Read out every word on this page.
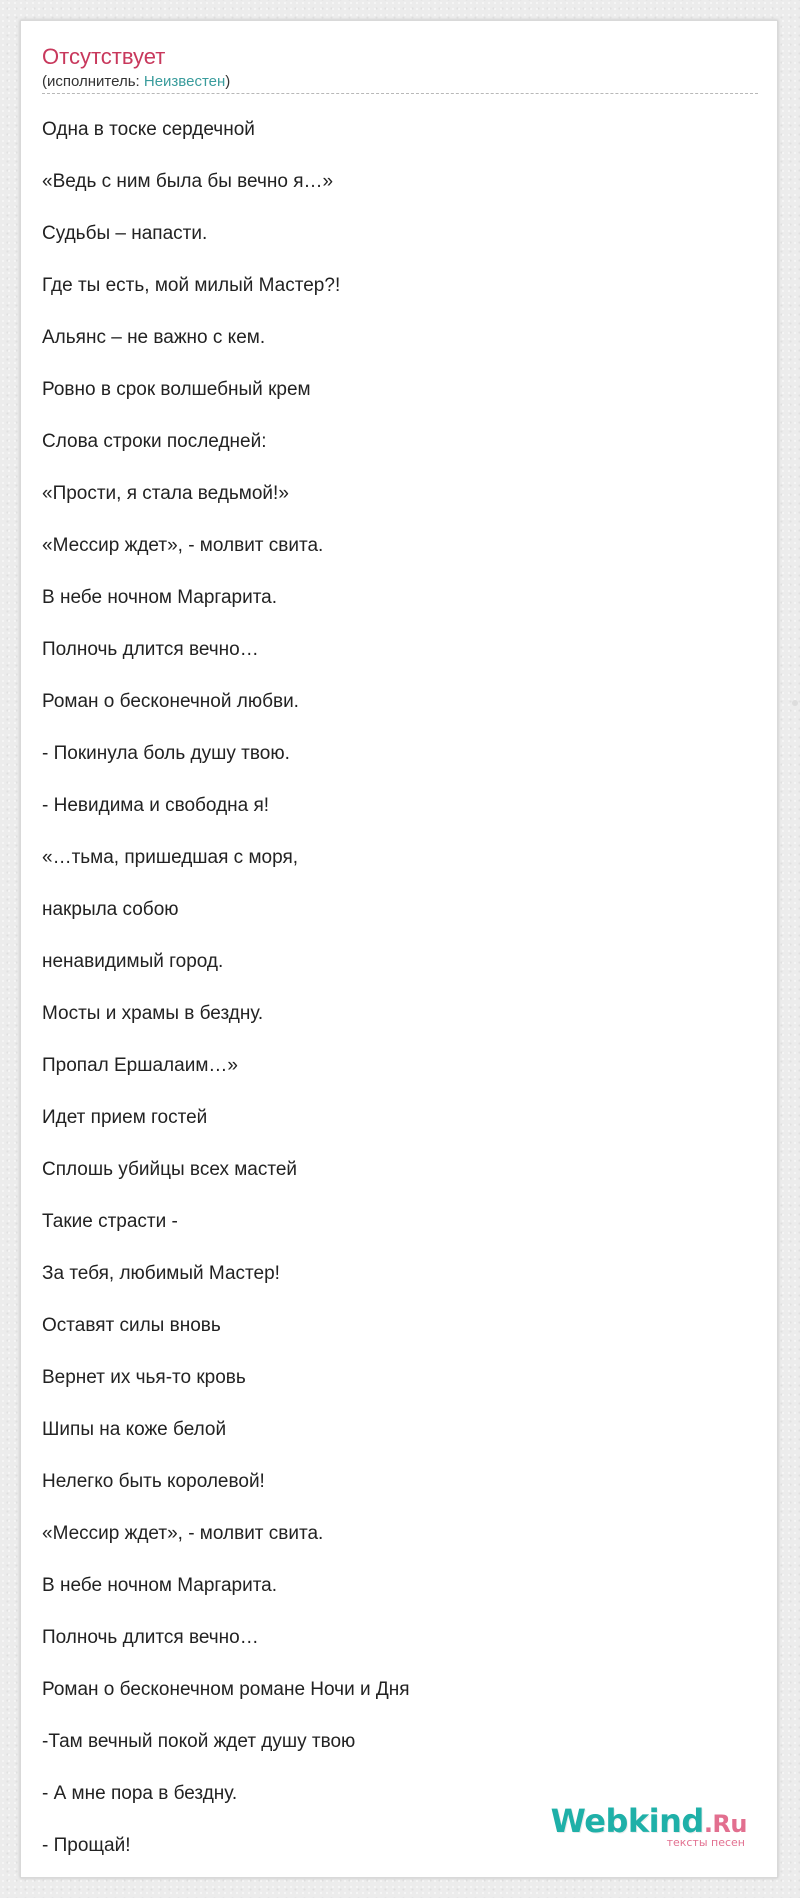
Отсутствует
(исполнитель: Неизвестен)
Одна в тоске сердечной
«Ведь с ним была бы вечно я…»
Судьбы – напасти.
Где ты есть, мой милый Мастер?!
Альянс – не важно с кем.
Ровно в срок волшебный крем
Слова строки последней:
«Прости, я стала ведьмой!»
«Мессир ждет», - молвит свита.
В небе ночном Маргарита.
Полночь длится вечно…
Роман о бесконечной любви.
- Покинула боль душу твою.
- Невидима и свободна я!
«…тьма, пришедшая с моря,
накрыла собою
ненавидимый город.
Мосты и храмы в бездну.
Пропал Ершалаим…»
Идет прием гостей
Сплошь убийцы всех мастей
Такие страсти -
За тебя, любимый Мастер!
Оставят силы вновь
Вернет их чья-то кровь
Шипы на коже белой
Нелегко быть королевой!
«Мессир ждет», - молвит свита.
В небе ночном Маргарита.
Полночь длится вечно…
Роман о бесконечном романе Ночи и Дня
-Там вечный покой ждет душу твою
- А мне пора в бездну.
- Прощай!
Webkind.Ru
тексты песен
